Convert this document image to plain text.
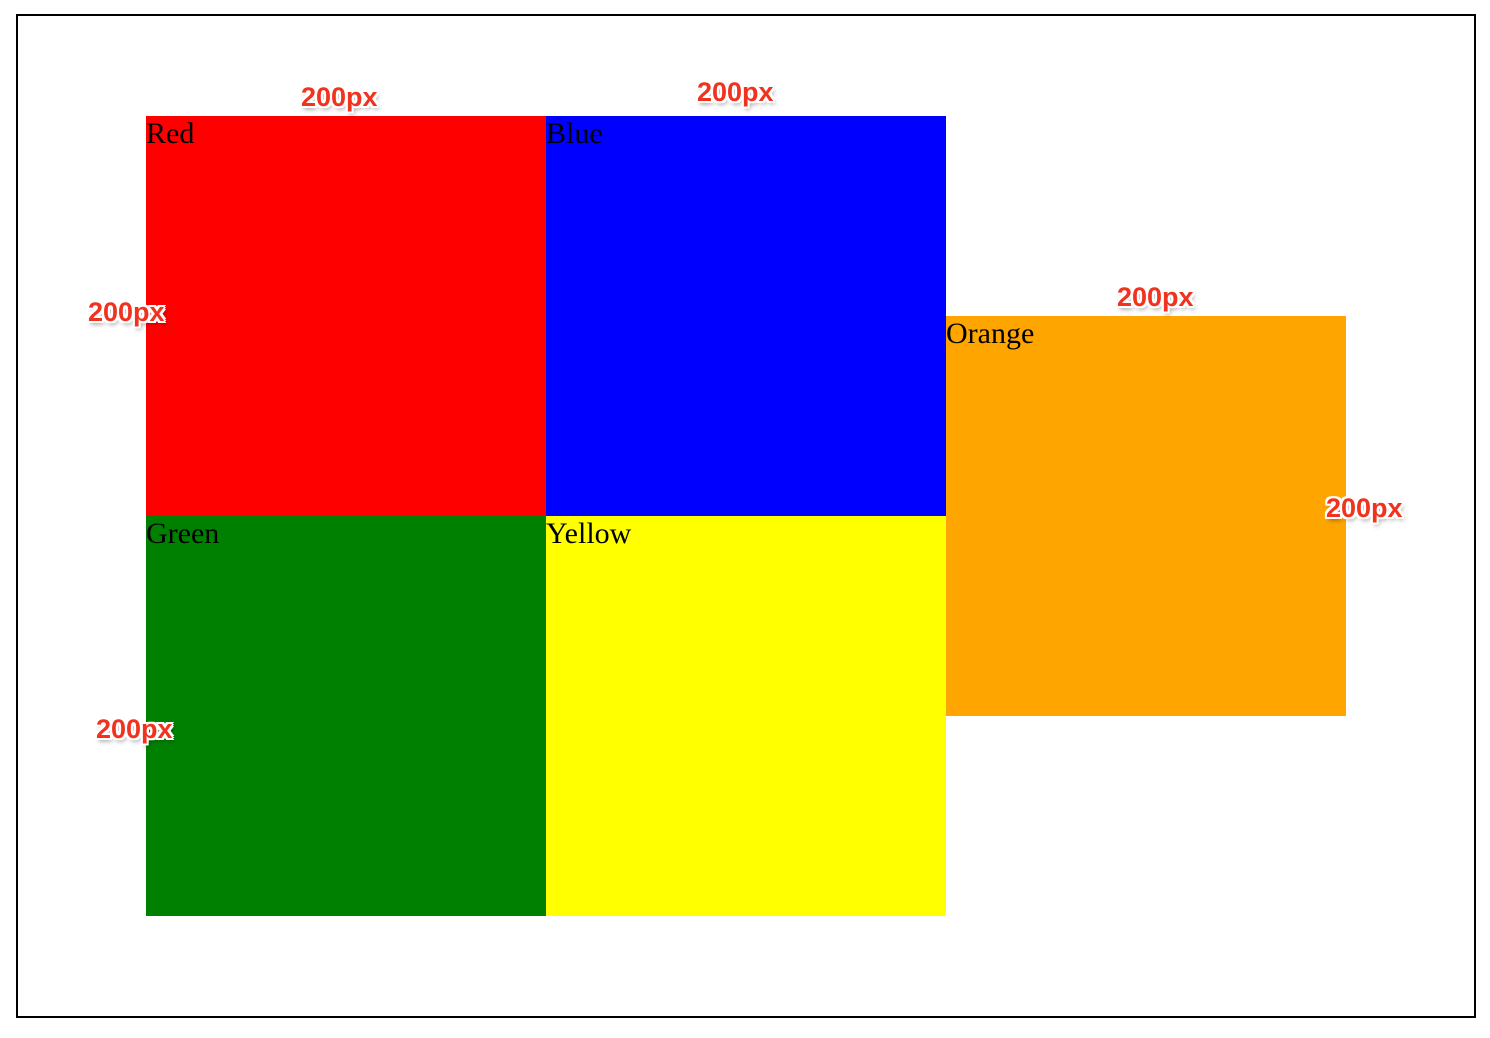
Red	Blue
Green	Yellow
Orange
200px	200px
200px
200px
200px
200px
